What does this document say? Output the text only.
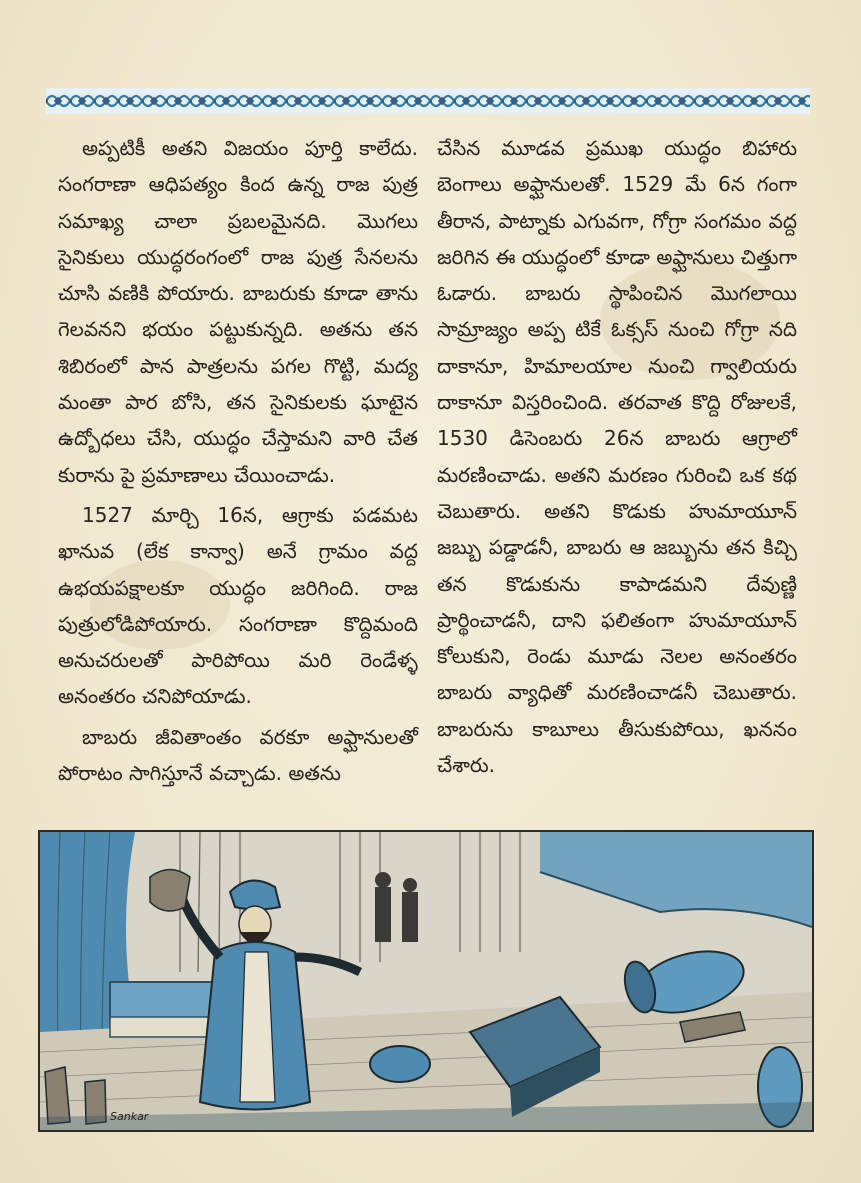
అప్పటికీ అతని విజయం పూర్తి కాలేదు. సంగరాణా ఆధిపత్యం కింద ఉన్న రాజ పుత్ర సమాఖ్య చాలా ప్రబలమైనది. మొగలు సైనికులు యుద్ధరంగంలో రాజ పుత్ర సేనలను చూసి వణికి పోయారు. బాబరుకు కూడా తాను గెలవనని భయం పట్టుకున్నది. అతను తన శిబిరంలో పాన పాత్రలను పగల గొట్టి, మద్య మంతా పార బోసి, తన సైనికులకు ఘాటైన ఉద్బోధలు చేసి, యుద్ధం చేస్తామని వారి చేత కురాను పై ప్రమాణాలు చేయించాడు.

1527 మార్చి 16న, ఆగ్రాకు పడమట ఖానువ (లేక కాన్వా) అనే గ్రామం వద్ద ఉభయపక్షాలకూ యుద్ధం జరిగింది. రాజ పుత్రులోడిపోయారు. సంగరాణా కొద్దిమంది అనుచరులతో పారిపోయి మరి రెండేళ్ళ అనంతరం చనిపోయాడు.

బాబరు జీవితాంతం వరకూ అఫ్ఘానులతో పోరాటం సాగిస్తూనే వచ్చాడు. అతను

చేసిన మూడవ ప్రముఖ యుద్ధం బిహారు బెంగాలు అఫ్ఘానులతో. 1529 మే 6న గంగా తీరాన, పాట్నాకు ఎగువగా, గోగ్రా సంగమం వద్ద జరిగిన ఈ యుద్ధంలో కూడా అఫ్ఘానులు చిత్తుగా ఓడారు. బాబరు స్థాపించిన మొగలాయి సామ్రాజ్యం అప్ప టికే ఓక్సస్ నుంచి గోగ్రా నది దాకానూ, హిమాలయాల నుంచి గ్వాలియరు దాకానూ విస్తరించింది. తరవాత కొద్ది రోజులకే, 1530 డిసెంబరు 26న బాబరు ఆగ్రాలో మరణించాడు. అతని మరణం గురించి ఒక కథ చెబుతారు. అతని కొడుకు హుమాయూన్ జబ్బు పడ్డాడనీ, బాబరు ఆ జబ్బును తన కిచ్చి తన కొడుకును కాపాడమని దేవుణ్ణి ప్రార్థించాడనీ, దాని ఫలితంగా హుమాయూన్ కోలుకుని, రెండు మూడు నెలల అనంతరం బాబరు వ్యాధితో మరణించాడనీ చెబుతారు. బాబరును కాబూలు తీసుకుపోయి, ఖననం చేశారు.

Sankar
